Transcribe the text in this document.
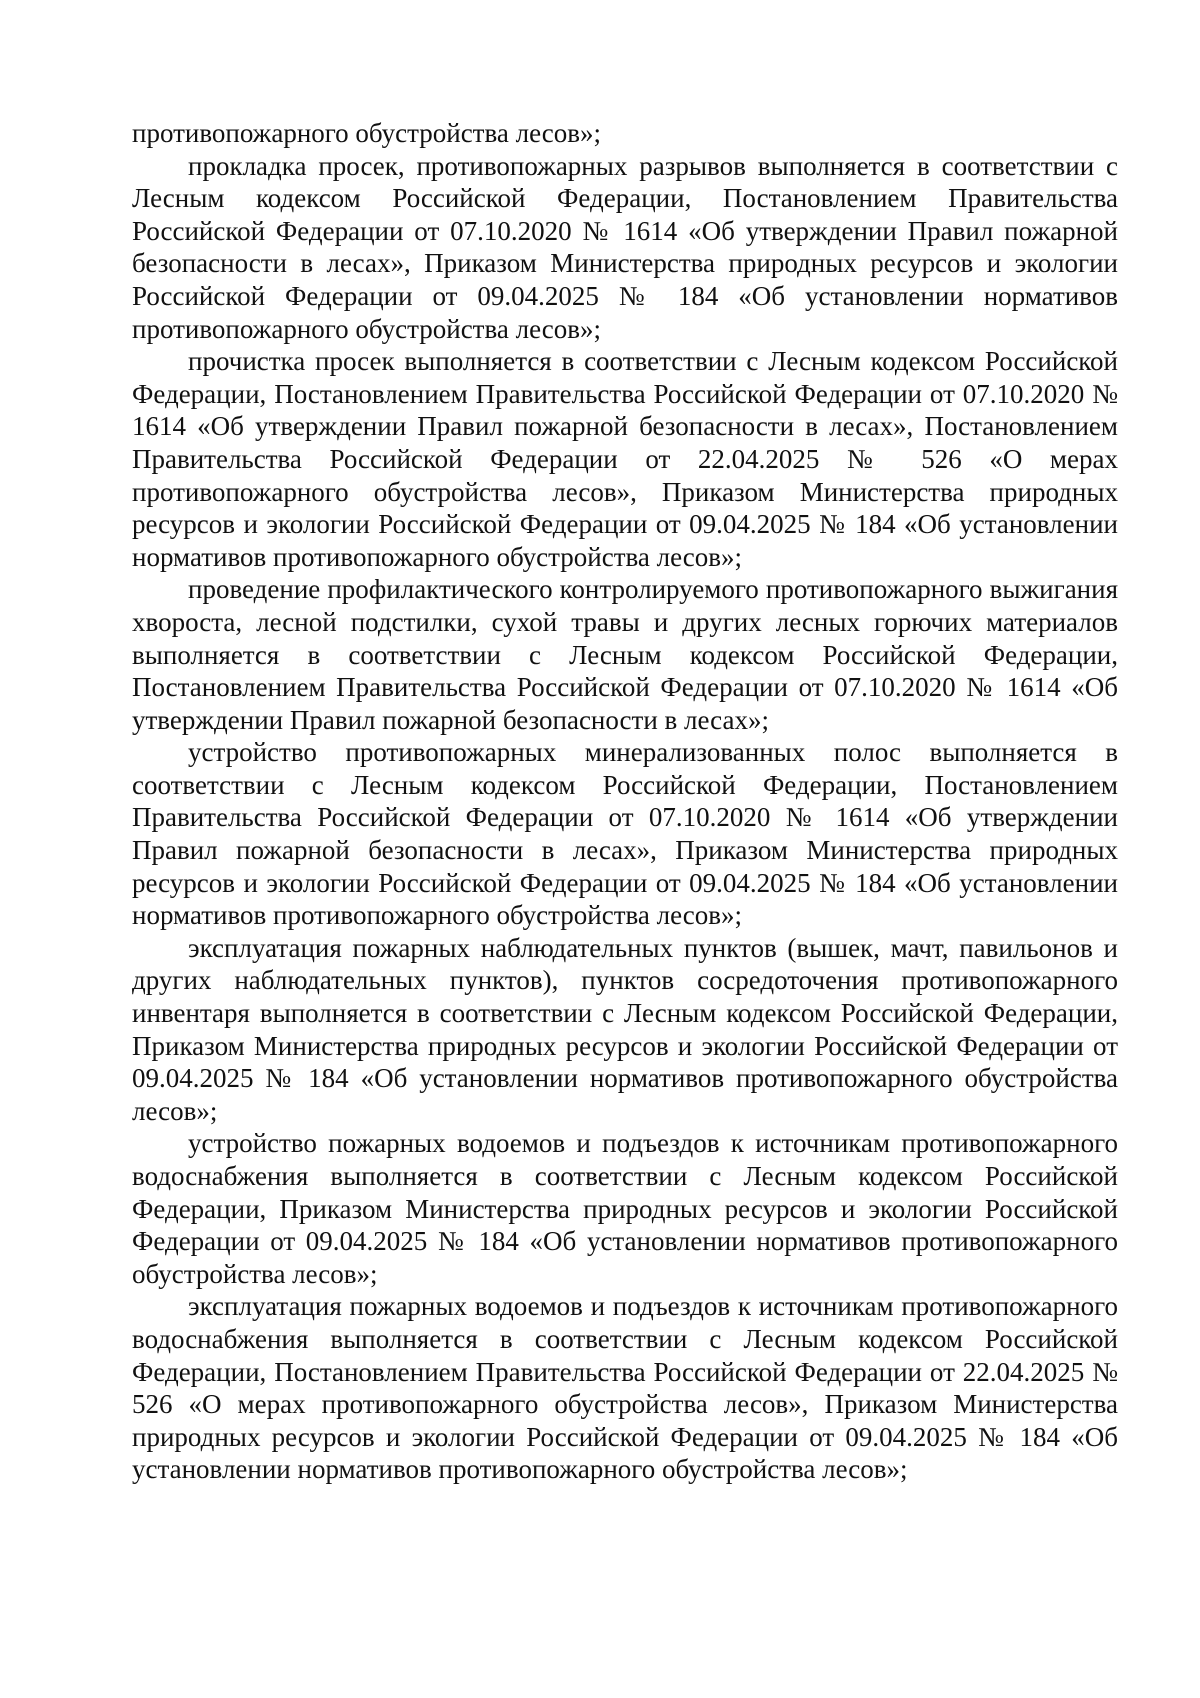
противопожарного обустройства лесов»;

прокладка просек, противопожарных разрывов выполняется в соответствии с Лесным кодексом Российской Федерации, Постановлением Правительства Российской Федерации от 07.10.2020 № 1614 «Об утверждении Правил пожарной безопасности в лесах», Приказом Министерства природных ресурсов и экологии Российской Федерации от 09.04.2025 № 184 «Об установлении нормативов противопожарного обустройства лесов»;

прочистка просек выполняется в соответствии с Лесным кодексом Российской Федерации, Постановлением Правительства Российской Федерации от 07.10.2020 № 1614 «Об утверждении Правил пожарной безопасности в лесах», Постановлением Правительства Российской Федерации от 22.04.2025 № 526 «О мерах противопожарного обустройства лесов», Приказом Министерства природных ресурсов и экологии Российской Федерации от 09.04.2025 № 184 «Об установлении нормативов противопожарного обустройства лесов»;

проведение профилактического контролируемого противопожарного выжигания хвороста, лесной подстилки, сухой травы и других лесных горючих материалов выполняется в соответствии с Лесным кодексом Российской Федерации, Постановлением Правительства Российской Федерации от 07.10.2020 № 1614 «Об утверждении Правил пожарной безопасности в лесах»;

устройство противопожарных минерализованных полос выполняется в соответствии с Лесным кодексом Российской Федерации, Постановлением Правительства Российской Федерации от 07.10.2020 № 1614 «Об утверждении Правил пожарной безопасности в лесах», Приказом Министерства природных ресурсов и экологии Российской Федерации от 09.04.2025 № 184 «Об установлении нормативов противопожарного обустройства лесов»;

эксплуатация пожарных наблюдательных пунктов (вышек, мачт, павильонов и других наблюдательных пунктов), пунктов сосредоточения противопожарного инвентаря выполняется в соответствии с Лесным кодексом Российской Федерации, Приказом Министерства природных ресурсов и экологии Российской Федерации от 09.04.2025 № 184 «Об установлении нормативов противопожарного обустройства лесов»;

устройство пожарных водоемов и подъездов к источникам противопожарного водоснабжения выполняется в соответствии с Лесным кодексом Российской Федерации, Приказом Министерства природных ресурсов и экологии Российской Федерации от 09.04.2025 № 184 «Об установлении нормативов противопожарного обустройства лесов»;

эксплуатация пожарных водоемов и подъездов к источникам противопожарного водоснабжения выполняется в соответствии с Лесным кодексом Российской Федерации, Постановлением Правительства Российской Федерации от 22.04.2025 № 526 «О мерах противопожарного обустройства лесов», Приказом Министерства природных ресурсов и экологии Российской Федерации от 09.04.2025 № 184 «Об установлении нормативов противопожарного обустройства лесов»;
